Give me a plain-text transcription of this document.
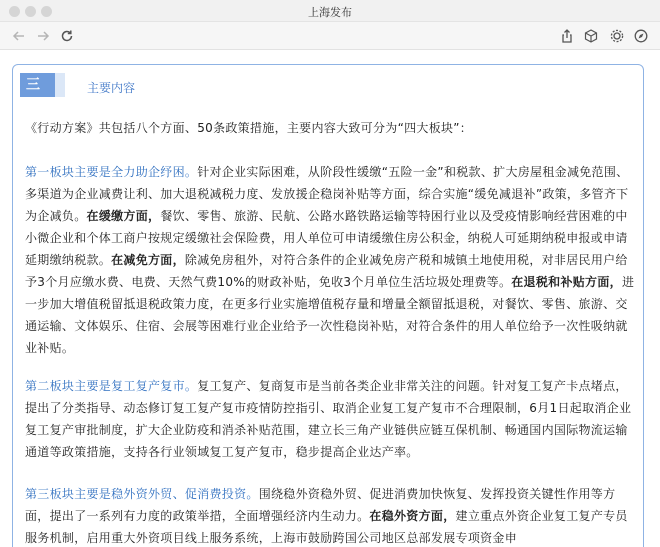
上海发布
三	主要内容

《行动方案》共包括八个方面、50条政策措施，主要内容大致可分为“四大板块”：

第一板块主要是全力助企纾困。针对企业实际困难，从阶段性缓缴“五险一金”和税款、扩大房屋租金减免范围、多渠道为企业减费让利、加大退税减税力度、发放援企稳岗补贴等方面，综合实施“缓免减退补”政策，多管齐下为企减负。在缓缴方面，餐饮、零售、旅游、民航、公路水路铁路运输等特困行业以及受疫情影响经营困难的中小微企业和个体工商户按规定缓缴社会保险费，用人单位可申请缓缴住房公积金，纳税人可延期纳税申报或申请延期缴纳税款。在减免方面，除减免房租外，对符合条件的企业减免房产税和城镇土地使用税，对非居民用户给予3个月应缴水费、电费、天然气费10%的财政补贴，免收3个月单位生活垃圾处理费等。在退税和补贴方面，进一步加大增值税留抵退税政策力度，在更多行业实施增值税存量和增量全额留抵退税，对餐饮、零售、旅游、交通运输、文体娱乐、住宿、会展等困难行业企业给予一次性稳岗补贴，对符合条件的用人单位给予一次性吸纳就业补贴。

第二板块主要是复工复产复市。复工复产、复商复市是当前各类企业非常关注的问题。针对复工复产卡点堵点，提出了分类指导、动态修订复工复产复市疫情防控指引、取消企业复工复产复市不合理限制，6月1日起取消企业复工复产审批制度，扩大企业防疫和消杀补贴范围，建立长三角产业链供应链互保机制、畅通国内国际物流运输通道等政策措施，支持各行业领域复工复产复市，稳步提高企业达产率。

第三板块主要是稳外资外贸、促消费投资。围绕稳外资稳外贸、促进消费加快恢复、发挥投资关键性作用等方面，提出了一系列有力度的政策举措，全面增强经济内生动力。在稳外资方面，建立重点外资企业复工复产专员服务机制，启用重大外资项目线上服务系统，上海市鼓励跨国公司地区总部发展专项资金申
